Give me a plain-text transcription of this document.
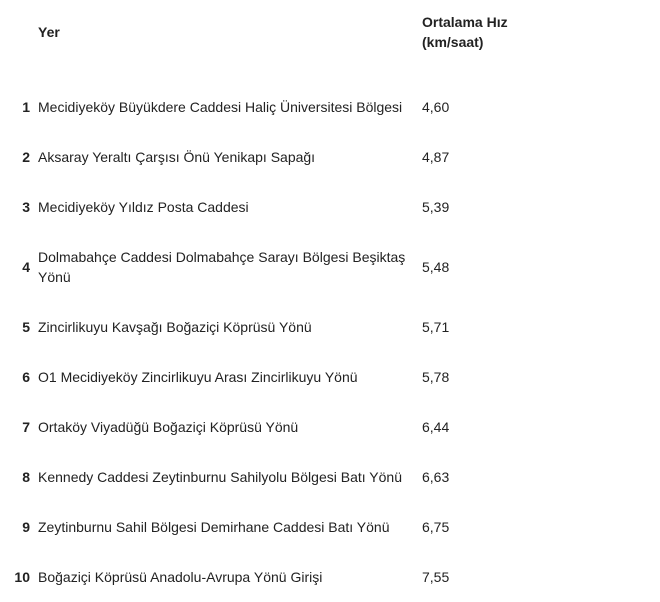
	Yer	Ortalama Hız
(km/saat)
1	Mecidiyeköy Büyükdere Caddesi Haliç Üniversitesi Bölgesi	4,60
2	Aksaray Yeraltı Çarşısı Önü Yenikapı Sapağı	4,87
3	Mecidiyeköy Yıldız Posta Caddesi	5,39
4	Dolmabahçe Caddesi Dolmabahçe Sarayı Bölgesi Beşiktaş Yönü	5,48
5	Zincirlikuyu Kavşağı Boğaziçi Köprüsü Yönü	5,71
6	O1 Mecidiyeköy Zincirlikuyu Arası Zincirlikuyu Yönü	5,78
7	Ortaköy Viyadüğü Boğaziçi Köprüsü Yönü	6,44
8	Kennedy Caddesi Zeytinburnu Sahilyolu Bölgesi Batı Yönü	6,63
9	Zeytinburnu Sahil Bölgesi Demirhane Caddesi Batı Yönü	6,75
10	Boğaziçi Köprüsü Anadolu-Avrupa Yönü Girişi	7,55
